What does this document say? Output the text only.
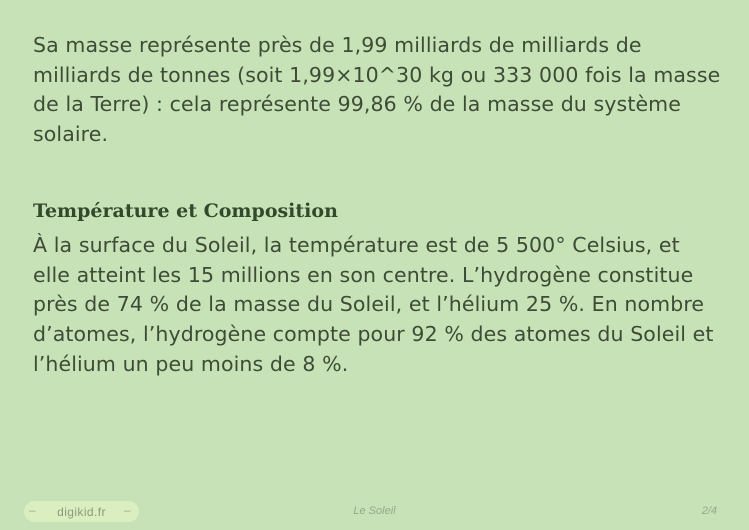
Sa masse représente près de 1,99 milliards de milliards de milliards de tonnes (soit 1,99×10^30 kg ou 333 000 fois la masse de la Terre) : cela représente 99,86 % de la masse du système solaire.

Température et Composition

À la surface du Soleil, la température est de 5 500° Celsius, et elle atteint les 15 millions en son centre. L’hydrogène constitue près de 74 % de la masse du Soleil, et l’hélium 25 %. En nombre d’atomes, l’hydrogène compte pour 92 % des atomes du Soleil et l’hélium un peu moins de 8 %.

– digikid.fr –	Le Soleil	2/4
